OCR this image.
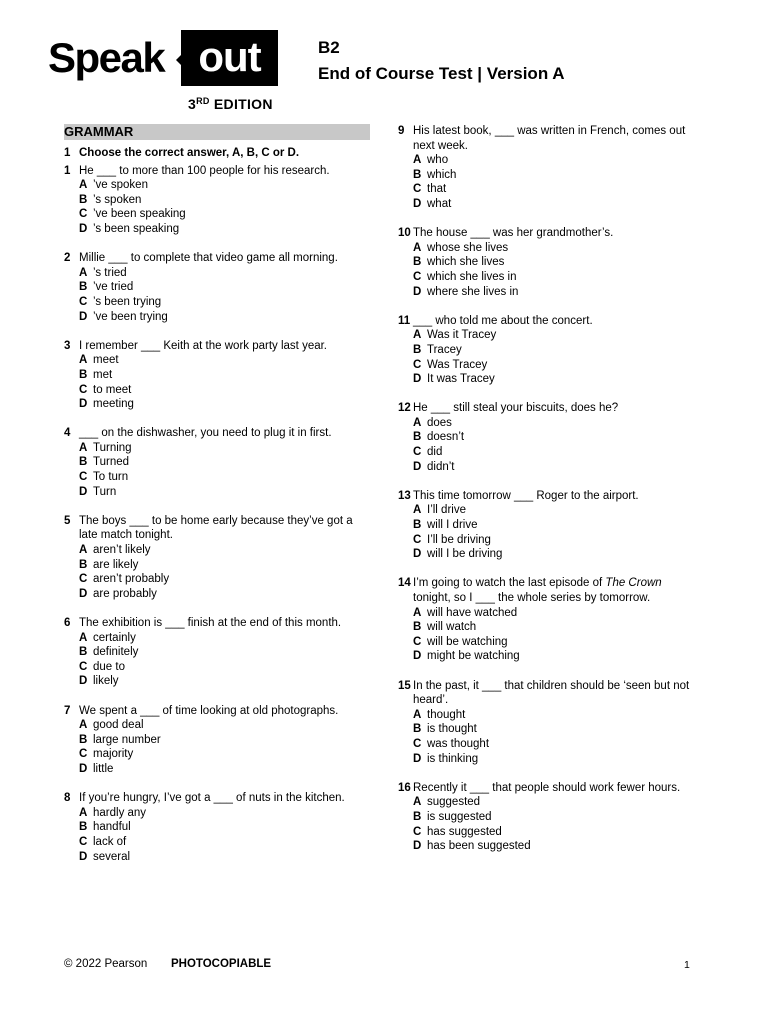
Speak out
3RD EDITION
B2
End of Course Test | Version A
GRAMMAR
1 Choose the correct answer, A, B, C or D.
1 He ___ to more than 100 people for his research.
A ’ve spoken
B ’s spoken
C ’ve been speaking
D ’s been speaking
2 Millie ___ to complete that video game all morning.
A ’s tried
B ’ve tried
C ’s been trying
D ’ve been trying
3 I remember ___ Keith at the work party last year.
A meet
B met
C to meet
D meeting
4 ___ on the dishwasher, you need to plug it in first.
A Turning
B Turned
C To turn
D Turn
5 The boys ___ to be home early because they’ve got a late match tonight.
A aren’t likely
B are likely
C aren’t probably
D are probably
6 The exhibition is ___ finish at the end of this month.
A certainly
B definitely
C due to
D likely
7 We spent a ___ of time looking at old photographs.
A good deal
B large number
C majority
D little
8 If you’re hungry, I’ve got a ___ of nuts in the kitchen.
A hardly any
B handful
C lack of
D several
9 His latest book, ___ was written in French, comes out next week.
A who
B which
C that
D what
10 The house ___ was her grandmother’s.
A whose she lives
B which she lives
C which she lives in
D where she lives in
11 ___ who told me about the concert.
A Was it Tracey
B Tracey
C Was Tracey
D It was Tracey
12 He ___ still steal your biscuits, does he?
A does
B doesn’t
C did
D didn’t
13 This time tomorrow ___ Roger to the airport.
A I’ll drive
B will I drive
C I’ll be driving
D will I be driving
14 I’m going to watch the last episode of The Crown tonight, so I ___ the whole series by tomorrow.
A will have watched
B will watch
C will be watching
D might be watching
15 In the past, it ___ that children should be ‘seen but not heard’.
A thought
B is thought
C was thought
D is thinking
16 Recently it ___ that people should work fewer hours.
A suggested
B is suggested
C has suggested
D has been suggested
© 2022 Pearson PHOTOCOPIABLE	1
